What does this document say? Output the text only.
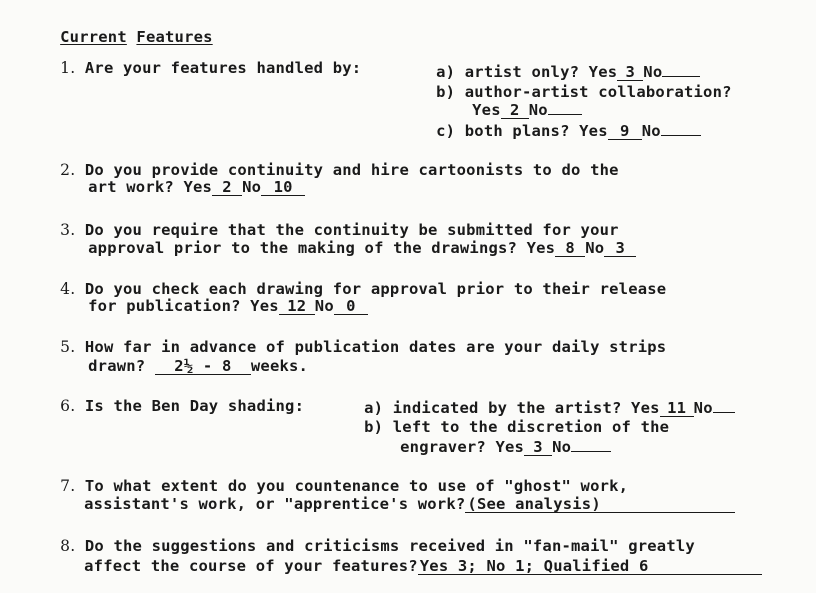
Current Features

1. Are your features handled by:
	a) artist only? Yes 3 No

b) author-artist collaboration?

Yes 2 No

c) both plans? Yes 9 No

2. Do you provide continuity and hire cartoonists to do the

art work? Yes 2 No 10

3. Do you require that the continuity be submitted for your

approval prior to the making of the drawings? Yes 8 No 3

4. Do you check each drawing for approval prior to their release

for publication? Yes 12 No 0

5. How far in advance of publication dates are your daily strips

drawn? 2½ - 8 weeks.

6. Is the Ben Day shading:
	a) indicated by the artist? Yes 11 No

b) left to the discretion of the

engraver? Yes 3 No

7. To what extent do you countenance to use of "ghost" work,

assistant's work, or "apprentice's work? (See analysis)

8. Do the suggestions and criticisms received in "fan-mail" greatly

affect the course of your features? Yes 3; No 1; Qualified 6
